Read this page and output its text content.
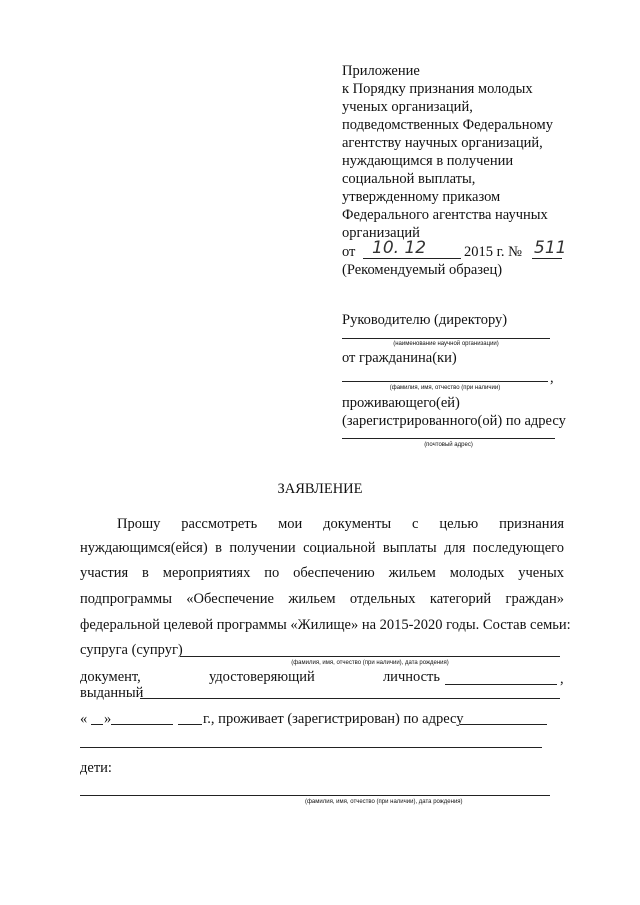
Приложение
к Порядку признания молодых
ученых организаций,
подведомственных Федеральному
агентству научных организаций,
нуждающимся в получении
социальной выплаты,
утвержденному приказом
Федерального агентства научных
организаций
от 10. 12	2015 г. № 511
(Рекомендуемый образец)
Руководителю (директору)
(наименование научной организации)
от гражданина(ки)
,
(фамилия, имя, отчество (при наличии)
проживающего(ей)
(зарегистрированного(ой) по адресу
(почтовый адрес)
ЗАЯВЛЕНИЕ
Прошу рассмотреть мои документы с целью признания
нуждающимся(ейся) в получении социальной выплаты для последующего
участия в мероприятиях по обеспечению жильем молодых ученых
подпрограммы «Обеспечение жильем отдельных категорий граждан»
федеральной целевой программы «Жилище» на 2015-2020 годы. Состав семьи:
супруга (супруг)
(фамилия, имя, отчество (при наличии), дата рождения)
документ, удостоверяющий личность	,
выданный
« »	г., проживает (зарегистрирован) по адресу
дети:
(фамилия, имя, отчество (при наличии), дата рождения)
